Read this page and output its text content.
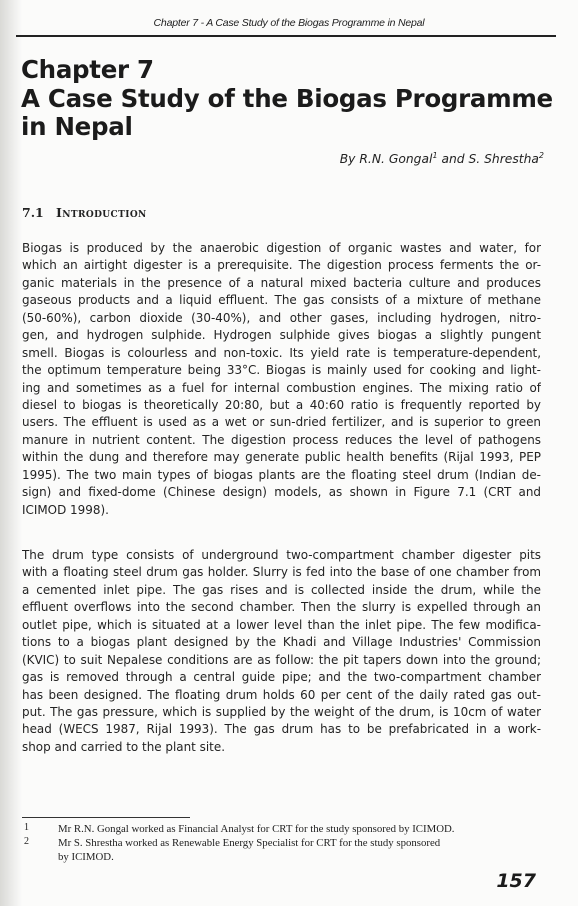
Chapter 7 - A Case Study of the Biogas Programme in Nepal
Chapter 7
A Case Study of the Biogas Programme
in Nepal
By R.N. Gongal$^1$ and S. Shrestha$^2$
7.1 Introduction
Biogas is produced by the anaerobic digestion of organic wastes and water, for
which an airtight digester is a prerequisite. The digestion process ferments the or-
ganic materials in the presence of a natural mixed bacteria culture and produces
gaseous products and a liquid effluent. The gas consists of a mixture of methane
(50-60%), carbon dioxide (30-40%), and other gases, including hydrogen, nitro-
gen, and hydrogen sulphide. Hydrogen sulphide gives biogas a slightly pungent
smell. Biogas is colourless and non-toxic. Its yield rate is temperature-dependent,
the optimum temperature being 33°C. Biogas is mainly used for cooking and light-
ing and sometimes as a fuel for internal combustion engines. The mixing ratio of
diesel to biogas is theoretically 20:80, but a 40:60 ratio is frequently reported by
users. The effluent is used as a wet or sun-dried fertilizer, and is superior to green
manure in nutrient content. The digestion process reduces the level of pathogens
within the dung and therefore may generate public health benefits (Rijal 1993, PEP
1995). The two main types of biogas plants are the floating steel drum (Indian de-
sign) and fixed-dome (Chinese design) models, as shown in Figure 7.1 (CRT and
ICIMOD 1998).
The drum type consists of underground two-compartment chamber digester pits
with a floating steel drum gas holder. Slurry is fed into the base of one chamber from
a cemented inlet pipe. The gas rises and is collected inside the drum, while the
effluent overflows into the second chamber. Then the slurry is expelled through an
outlet pipe, which is situated at a lower level than the inlet pipe. The few modifica-
tions to a biogas plant designed by the Khadi and Village Industries' Commission
(KVIC) to suit Nepalese conditions are as follow: the pit tapers down into the ground;
gas is removed through a central guide pipe; and the two-compartment chamber
has been designed. The floating drum holds 60 per cent of the daily rated gas out-
put. The gas pressure, which is supplied by the weight of the drum, is 10cm of water
head (WECS 1987, Rijal 1993). The gas drum has to be prefabricated in a work-
shop and carried to the plant site.
1	Mr R.N. Gongal worked as Financial Analyst for CRT for the study sponsored by ICIMOD.
2	Mr S. Shrestha worked as Renewable Energy Specialist for CRT for the study sponsored
by ICIMOD.
157
